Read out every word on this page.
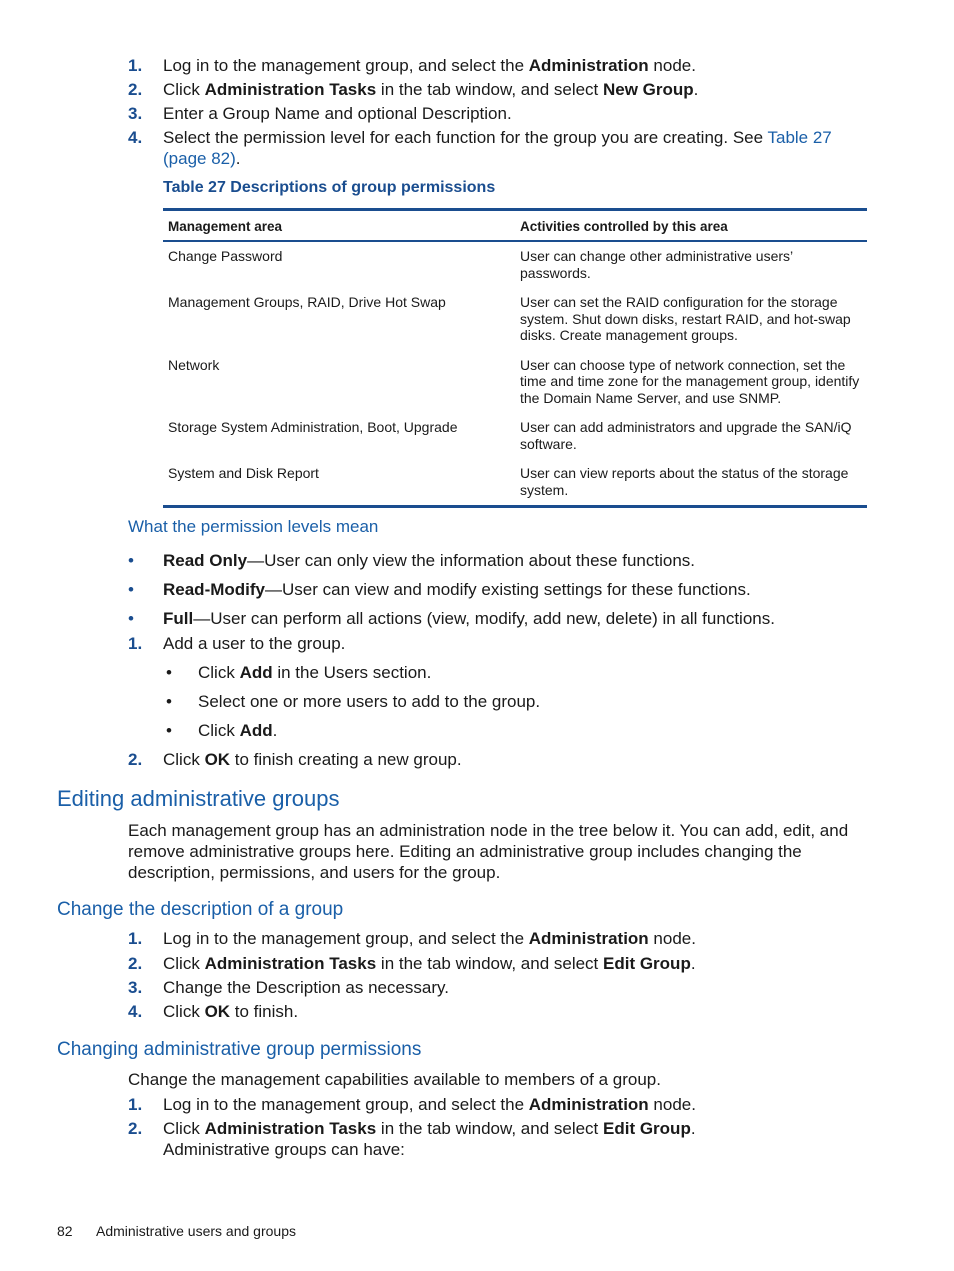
1. Log in to the management group, and select the Administration node.
2. Click Administration Tasks in the tab window, and select New Group.
3. Enter a Group Name and optional Description.
4. Select the permission level for each function for the group you are creating. See Table 27
(page 82).
Table 27 Descriptions of group permissions
Management area	Activities controlled by this area
Change Password	User can change other administrative users’ passwords.
Management Groups, RAID, Drive Hot Swap	User can set the RAID configuration for the storage system. Shut down disks, restart RAID, and hot-swap disks. Create management groups.
Network	User can choose type of network connection, set the time and time zone for the management group, identify the Domain Name Server, and use SNMP.
Storage System Administration, Boot, Upgrade	User can add administrators and upgrade the SAN/iQ software.
System and Disk Report	User can view reports about the status of the storage system.
What the permission levels mean
• Read Only—User can only view the information about these functions.
• Read-Modify—User can view and modify existing settings for these functions.
• Full—User can perform all actions (view, modify, add new, delete) in all functions.
1. Add a user to the group.
• Click Add in the Users section.
• Select one or more users to add to the group.
• Click Add.
2. Click OK to finish creating a new group.
Editing administrative groups
Each management group has an administration node in the tree below it. You can add, edit, and remove administrative groups here. Editing an administrative group includes changing the description, permissions, and users for the group.
Change the description of a group
1. Log in to the management group, and select the Administration node.
2. Click Administration Tasks in the tab window, and select Edit Group.
3. Change the Description as necessary.
4. Click OK to finish.
Changing administrative group permissions
Change the management capabilities available to members of a group.
1. Log in to the management group, and select the Administration node.
2. Click Administration Tasks in the tab window, and select Edit Group.
Administrative groups can have:
82 Administrative users and groups
